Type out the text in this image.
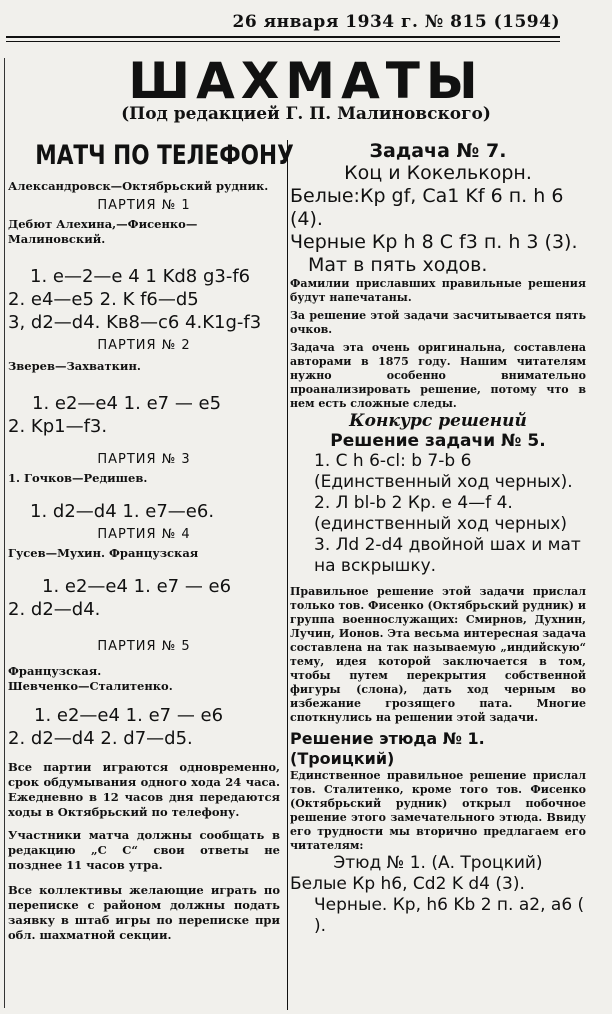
26 января 1934 г. № 815 (1594)
ШАХМАТЫ
(Под редакцией Г. П. Малиновского)
МАТЧ ПО ТЕЛЕФОНУ
Александровск—Октябрьский рудник.
ПАРТИЯ № 1
Дебют Алехина,—Фисенко—Малиновский.
1. e—2—e 4 1 Kd8 g3-f6
2. e4—e5 2. K f6—d5
3, d2—d4. Kв8—c6 4.K1g-f3
ПАРТИЯ № 2
Зверев—Захваткин.
1. e2—e4 1. e7 — e5
2. Kp1—f3.
ПАРТИЯ № 3
1. Гочков—Редишев.
1. d2—d4 1. e7—e6.
ПАРТИЯ № 4
Гусев—Мухин. Французская
1. e2—e4 1. e7 — e6
2. d2—d4.
ПАРТИЯ № 5
Французская.
Шевченко—Сталитенко.
1. e2—e4 1. e7 — e6
2. d2—d4 2. d7—d5.
Все партии играются одновременно, срок обдумывания одного хода 24 часа. Ежедневно в 12 часов дня передаются ходы в Октябрьский по телефону.
Участники матча должны сообщать в редакцию „С С“ свои ответы не позднее 11 часов утра.
Все коллективы желающие играть по переписке с районом должны подать заявку в штаб игры по переписке при обл. шахматной секции.
Задача № 7.
Коц и Кокелькорн.
Белые:Кр gf, Ca1 Kf 6 п. h 6 (4).
Черные Кр h 8 C f3 п. h 3 (3).
Мат в пять ходов.
Фамилии приславших правильные решения будут напечатаны.
За решение этой задачи засчитывается пять очков.
Задача эта очень оригинальна, составлена авторами в 1875 году. Нашим читателям нужно особенно внимательно проанализировать решение, потому что в нем есть сложные следы.
Конкурс решений
Решение задачи № 5.
1. C h 6-cl: b 7-b 6 (Единственный ход черных).
2. Л bl-b 2 Кр. e 4—f 4. (единственный ход черных)
3. Лd 2-d4 двойной шах и мат на вскрышку.
Правильное решение этой задачи прислал только тов. Фисенко (Октябрьский рудник) и группа военнослужащих: Смирнов, Духнин, Лучин, Ионов. Эта весьма интересная задача составлена на так называемую „индийскую“ тему, идея которой заключается в том, чтобы путем перекрытия собственной фигуры (слона), дать ход черным во избежание грозящего пата. Многие споткнулись на решении этой задачи.
Решение этюда № 1.(Троицкий)
Единственное правильное решение прислал тов. Сталитенко, кроме того тов. Фисенко (Октябрьский рудник) открыл побочное решение этого замечательного этюда. Ввиду его трудности мы вторично предлагаем его читателям:
Этюд № 1. (А. Троцкий)
Белые Кр h6, Cd2 K d4 (3).
Черные. Кр, h6 Kb 2 п. a2, a6 ( ).
